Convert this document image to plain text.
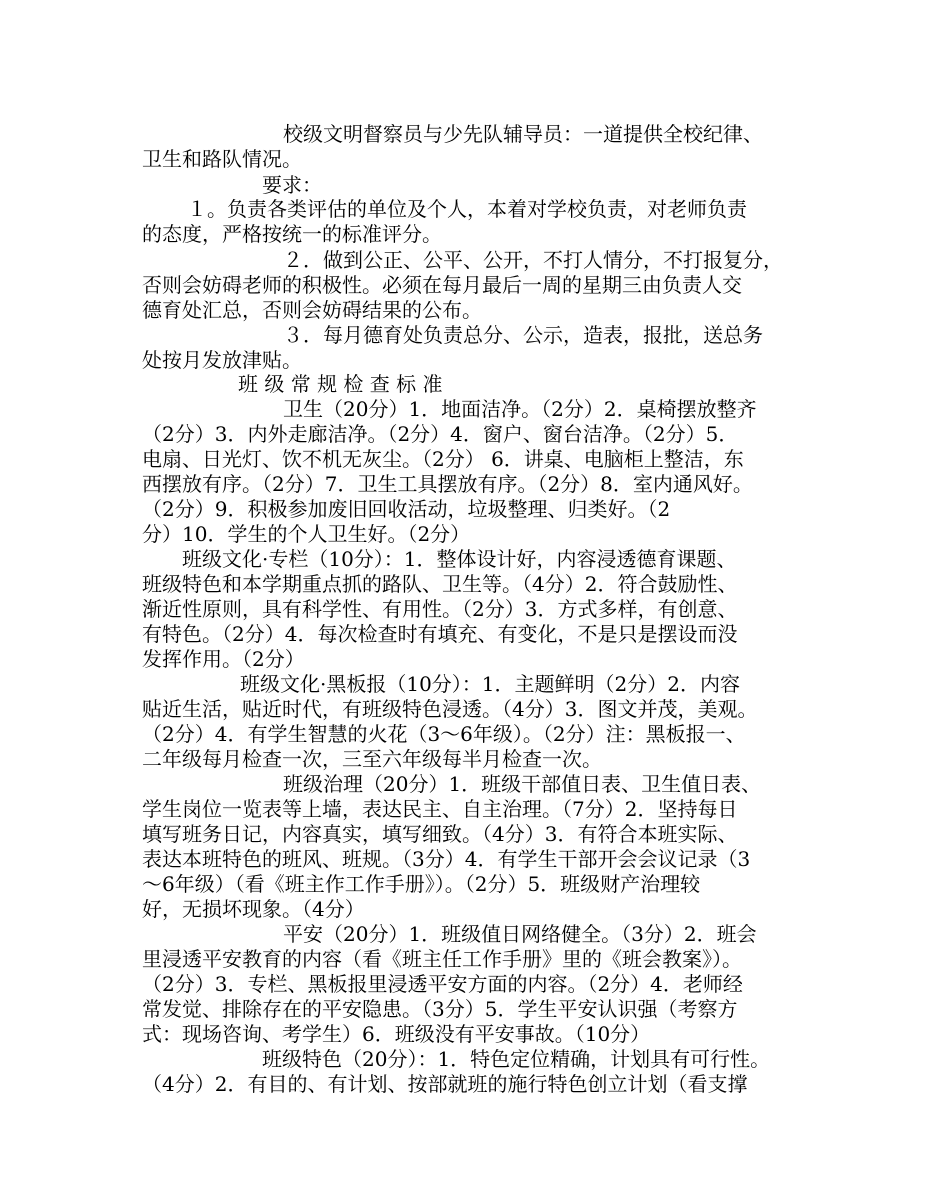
校级文明督察员与少先队辅导员：一道提供全校纪律、
卫生和路队情况。
要求：
１。负责各类评估的单位及个人，本着对学校负责，对老师负责
的态度，严格按统一的标准评分。
２．做到公正、公平、公开，不打人情分，不打报复分，
否则会妨碍老师的积极性。必须在每月最后一周的星期三由负责人交
德育处汇总，否则会妨碍结果的公布。
３．每月德育处负责总分、公示，造表，报批，送总务
处按月发放津贴。
班 级 常 规 检 查 标 准
卫生（20分）1．地面洁净。（2分）2．桌椅摆放整齐
（2分）3．内外走廊洁净。（2分）4．窗户、窗台洁净。（2分）5．
电扇、日光灯、饮不机无灰尘。（2分） 6．讲桌、电脑柜上整洁，东
西摆放有序。（2分）7．卫生工具摆放有序。（2分）8．室内通风好。
（2分）9．积极参加废旧回收活动，垃圾整理、归类好。（2
分）10．学生的个人卫生好。（2分）
班级文化·专栏（10分）：1．整体设计好，内容浸透德育课题、
班级特色和本学期重点抓的路队、卫生等。（4分）2．符合鼓励性、
渐近性原则，具有科学性、有用性。（2分）3．方式多样，有创意、
有特色。（2分）4．每次检查时有填充、有变化，不是只是摆设而没
发挥作用。（2分）
班级文化·黑板报（10分）：1．主题鲜明（2分）2．内容
贴近生活，贴近时代，有班级特色浸透。（4分）3．图文并茂，美观。
（2分）4．有学生智慧的火花（3～6年级）。（2分）注：黑板报一、
二年级每月检查一次，三至六年级每半月检查一次。
班级治理（20分）1．班级干部值日表、卫生值日表、
学生岗位一览表等上墙，表达民主、自主治理。（7分）2．坚持每日
填写班务日记，内容真实，填写细致。（4分）3．有符合本班实际、
表达本班特色的班风、班规。（3分）4．有学生干部开会会议记录（3
～6年级）（看《班主作工作手册》）。（2分）5．班级财产治理较
好，无损坏现象。（4分）
平安（20分）1．班级值日网络健全。（3分）2．班会
里浸透平安教育的内容（看《班主任工作手册》里的《班会教案》）。
（2分）3．专栏、黑板报里浸透平安方面的内容。（2分）4．老师经
常发觉、排除存在的平安隐患。（3分）5．学生平安认识强（考察方
式：现场咨询、考学生）6．班级没有平安事故。（10分）
班级特色（20分）：1．特色定位精确，计划具有可行性。
（4分）2．有目的、有计划、按部就班的施行特色创立计划（看支撑
